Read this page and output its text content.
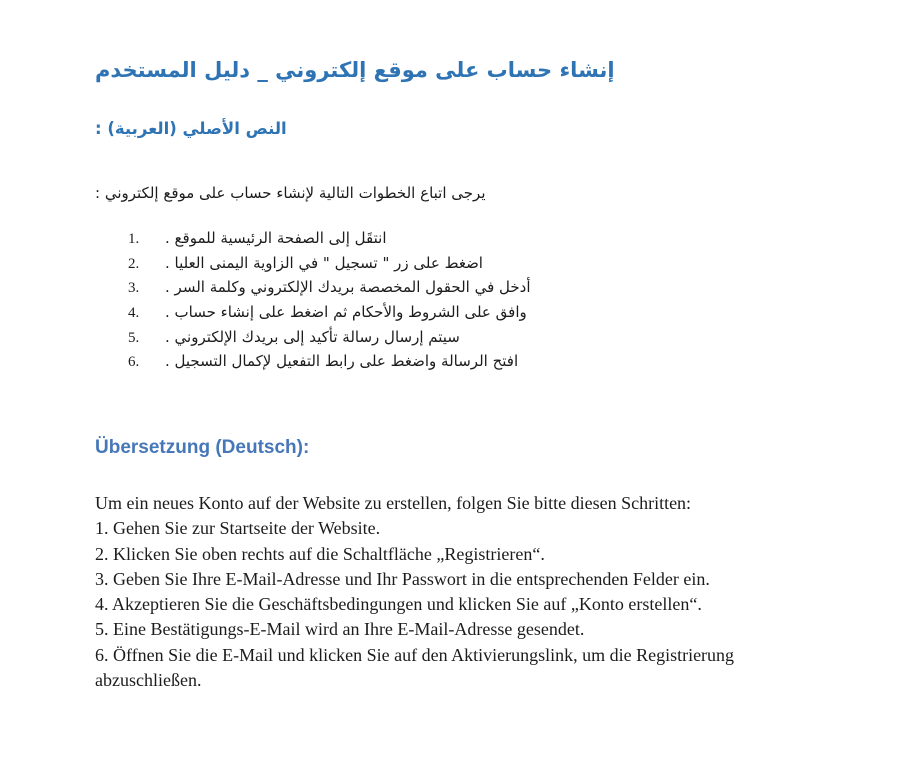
إنشاء حساب على موقع إلكتروني _ دليل المستخدم
النص الأصلي (العربية) :
يرجى اتباع الخطوات التالية لإنشاء حساب على موقع إلكتروني :
1.	انتقَل إلى الصفحة الرئيسية للموقع .
2.	اضغط على زر " تسجيل " في الزاوية اليمنى العليا .
3.	أدخل في الحقول المخصصة بريدك الإلكتروني وكلمة السر .
4.	وافق على الشروط والأحكام ثم اضغط على إنشاء حساب .
5.	سيتم إرسال رسالة تأكيد إلى بريدك الإلكتروني .
6.	افتح الرسالة واضغط على رابط التفعيل لإكمال التسجيل .
Übersetzung (Deutsch):
Um ein neues Konto auf der Website zu erstellen, folgen Sie bitte diesen Schritten:
1. Gehen Sie zur Startseite der Website.
2. Klicken Sie oben rechts auf die Schaltfläche „Registrieren“.
3. Geben Sie Ihre E-Mail-Adresse und Ihr Passwort in die entsprechenden Felder ein.
4. Akzeptieren Sie die Geschäftsbedingungen und klicken Sie auf „Konto erstellen“.
5. Eine Bestätigungs-E-Mail wird an Ihre E-Mail-Adresse gesendet.
6. Öffnen Sie die E-Mail und klicken Sie auf den Aktivierungslink, um die Registrierung abzuschließen.
